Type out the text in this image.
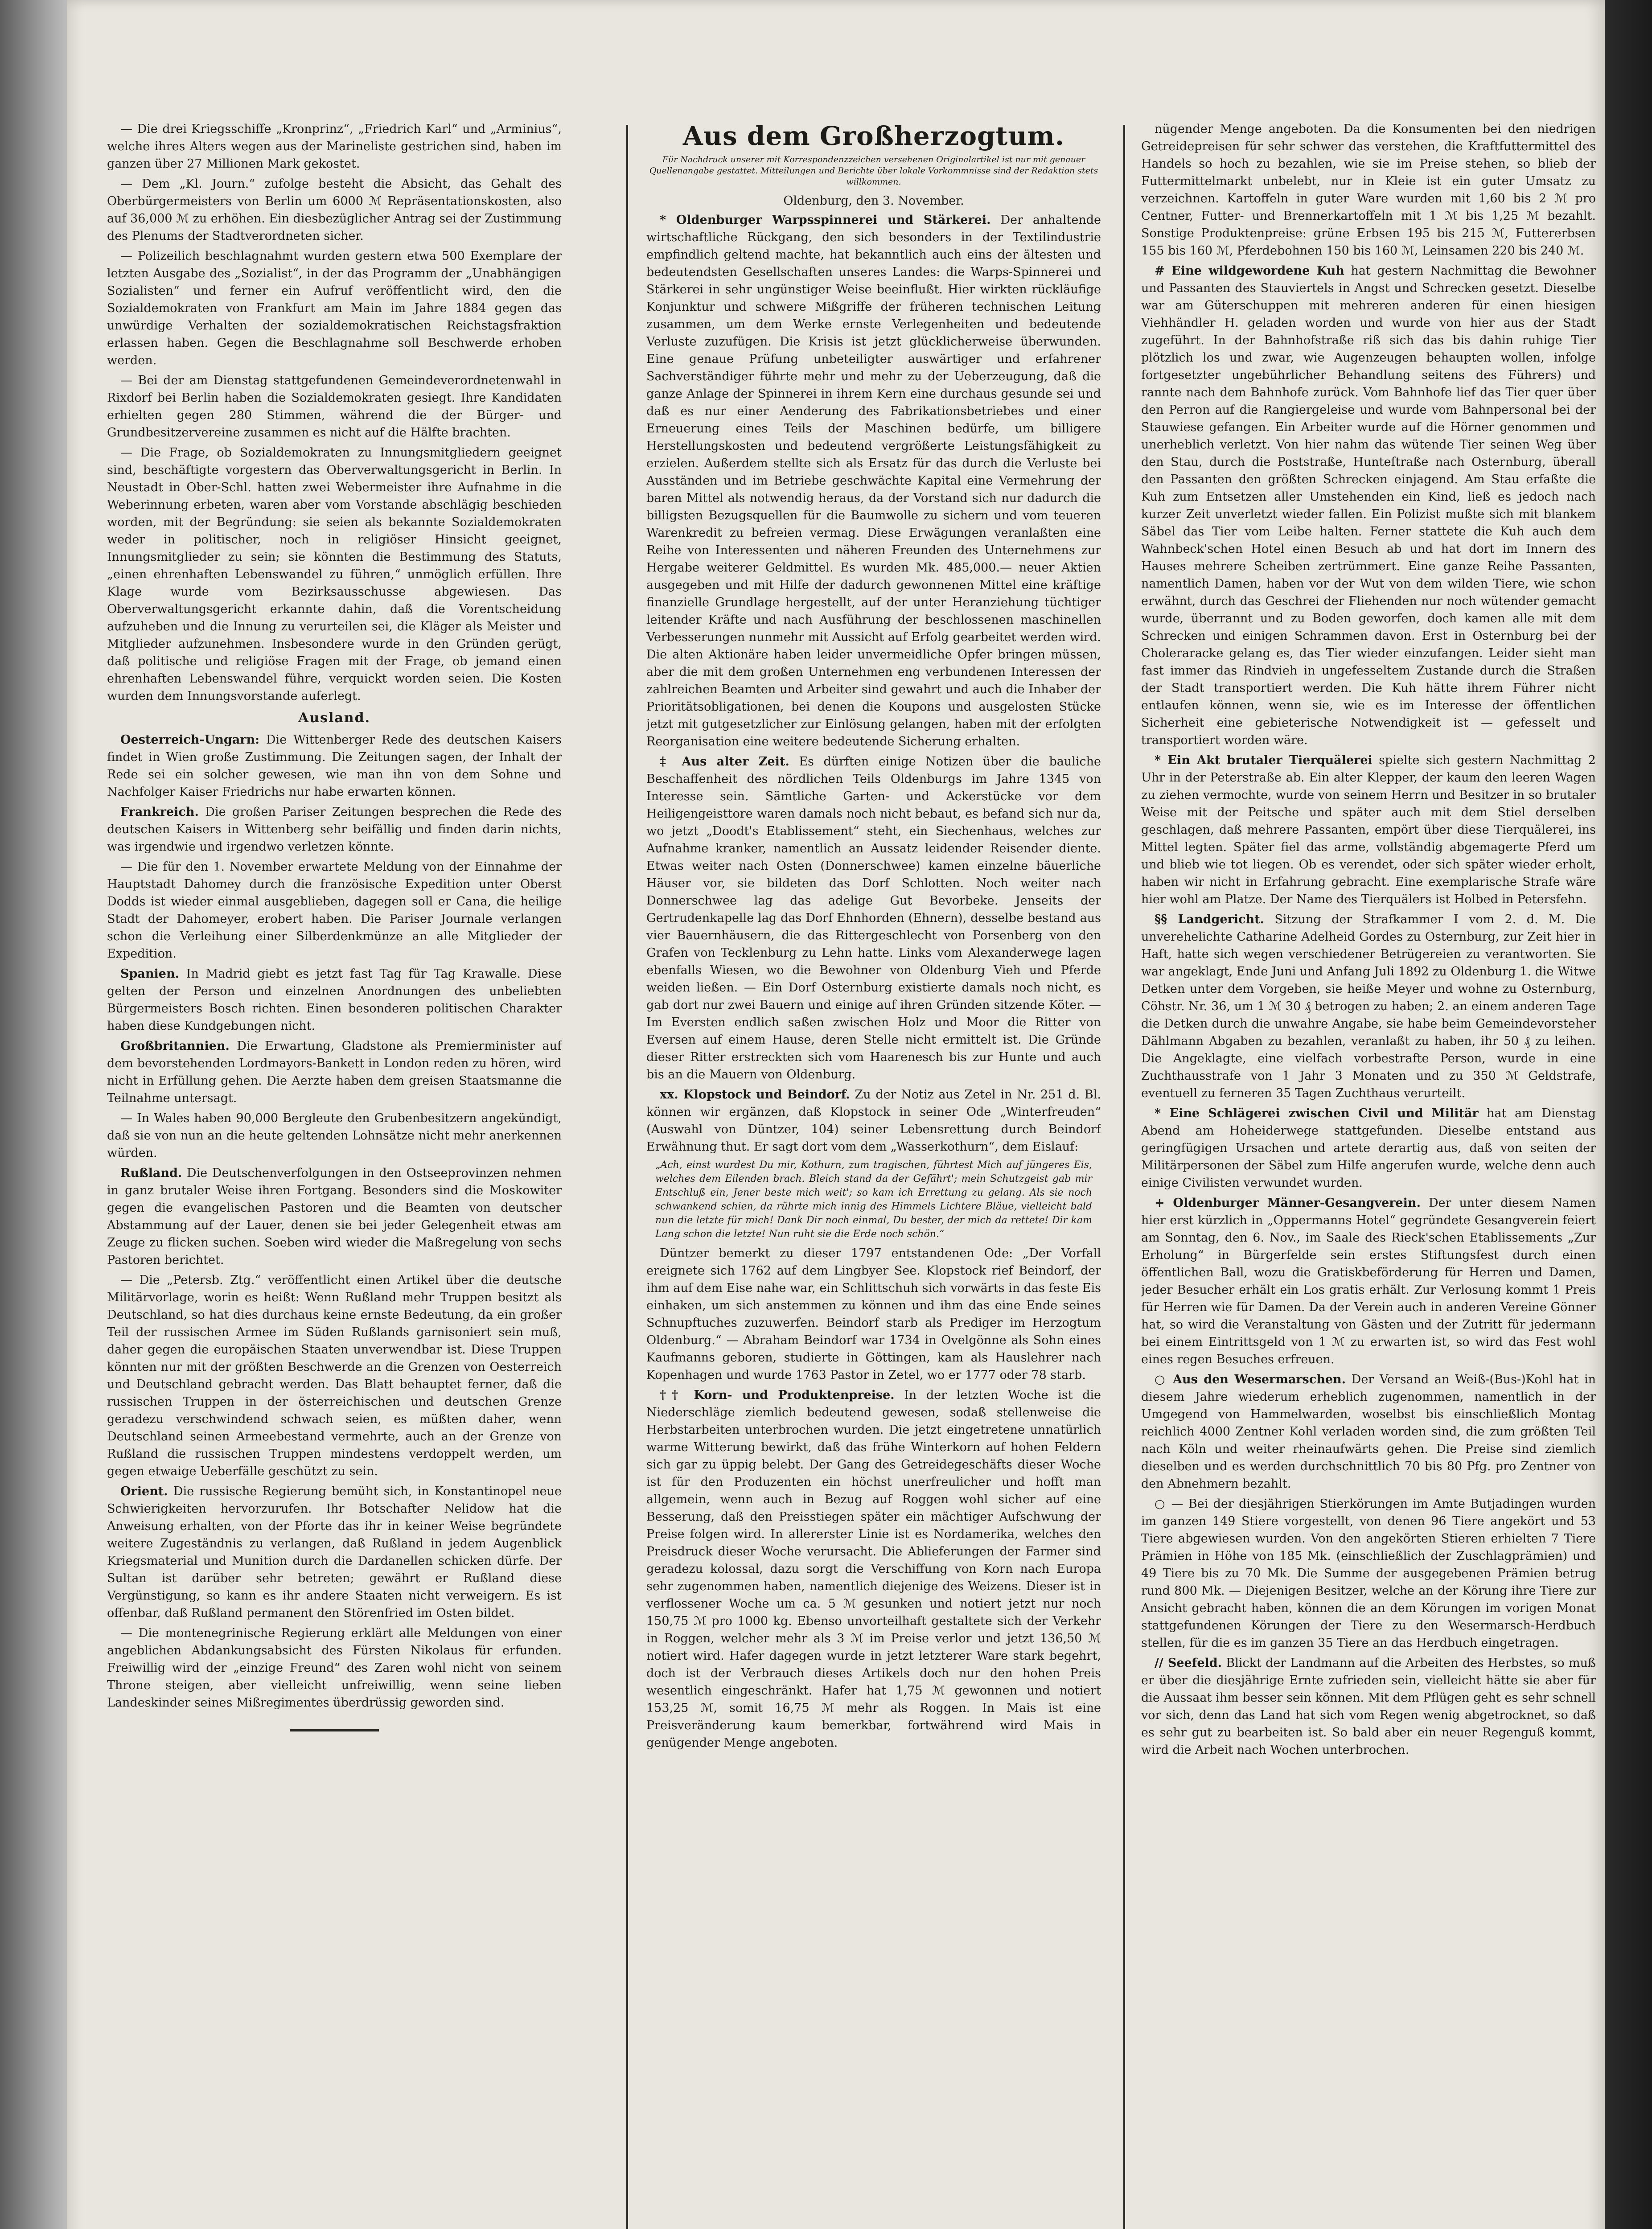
— Die drei Kriegsschiffe „Kronprinz“, „Friedrich Karl“ und „Arminius“, welche ihres Alters wegen aus der Marineliste gestrichen sind, haben im ganzen über 27 Millionen Mark gekostet.

— Dem „Kl. Journ.“ zufolge besteht die Absicht, das Gehalt des Oberbürgermeisters von Berlin um 6000 ℳ Repräsentationskosten, also auf 36,000 ℳ zu erhöhen. Ein diesbezüglicher Antrag sei der Zustimmung des Plenums der Stadtverordneten sicher.

— Polizeilich beschlagnahmt wurden gestern etwa 500 Exemplare der letzten Ausgabe des „Sozialist“, in der das Programm der „Unabhängigen Sozialisten“ und ferner ein Aufruf veröffentlicht wird, den die Sozialdemokraten von Frankfurt am Main im Jahre 1884 gegen das unwürdige Verhalten der sozialdemokratischen Reichstagsfraktion erlassen haben. Gegen die Beschlagnahme soll Beschwerde erhoben werden.

— Bei der am Dienstag stattgefundenen Gemeindeverordnetenwahl in Rixdorf bei Berlin haben die Sozialdemokraten gesiegt. Ihre Kandidaten erhielten gegen 280 Stimmen, während die der Bürger- und Grundbesitzervereine zusammen es nicht auf die Hälfte brachten.

— Die Frage, ob Sozialdemokraten zu Innungsmitgliedern geeignet sind, beschäftigte vorgestern das Oberverwaltungsgericht in Berlin. In Neustadt in Ober-Schl. hatten zwei Webermeister ihre Aufnahme in die Weberinnung erbeten, waren aber vom Vorstande abschlägig beschieden worden, mit der Begründung: sie seien als bekannte Sozialdemokraten weder in politischer, noch in religiöser Hinsicht geeignet, Innungsmitglieder zu sein; sie könnten die Bestimmung des Statuts, „einen ehrenhaften Lebenswandel zu führen,“ unmöglich erfüllen. Ihre Klage wurde vom Bezirksausschusse abgewiesen. Das Oberverwaltungsgericht erkannte dahin, daß die Vorentscheidung aufzuheben und die Innung zu verurteilen sei, die Kläger als Meister und Mitglieder aufzunehmen. Insbesondere wurde in den Gründen gerügt, daß politische und religiöse Fragen mit der Frage, ob jemand einen ehrenhaften Lebenswandel führe, verquickt worden seien. Die Kosten wurden dem Innungsvorstande auferlegt.

Ausland.

Oesterreich-Ungarn: Die Wittenberger Rede des deutschen Kaisers findet in Wien große Zustimmung. Die Zeitungen sagen, der Inhalt der Rede sei ein solcher gewesen, wie man ihn von dem Sohne und Nachfolger Kaiser Friedrichs nur habe erwarten können.

Frankreich. Die großen Pariser Zeitungen besprechen die Rede des deutschen Kaisers in Wittenberg sehr beifällig und finden darin nichts, was irgendwie und irgendwo verletzen könnte.

— Die für den 1. November erwartete Meldung von der Einnahme der Hauptstadt Dahomey durch die französische Expedition unter Oberst Dodds ist wieder einmal ausgeblieben, dagegen soll er Cana, die heilige Stadt der Dahomeyer, erobert haben. Die Pariser Journale verlangen schon die Verleihung einer Silberdenkmünze an alle Mitglieder der Expedition.

Spanien. In Madrid giebt es jetzt fast Tag für Tag Krawalle. Diese gelten der Person und einzelnen Anordnungen des unbeliebten Bürgermeisters Bosch richten. Einen besonderen politischen Charakter haben diese Kundgebungen nicht.

Großbritannien. Die Erwartung, Gladstone als Premierminister auf dem bevorstehenden Lordmayors-Bankett in London reden zu hören, wird nicht in Erfüllung gehen. Die Aerzte haben dem greisen Staatsmanne die Teilnahme untersagt.

— In Wales haben 90,000 Bergleute den Grubenbesitzern angekündigt, daß sie von nun an die heute geltenden Lohnsätze nicht mehr anerkennen würden.

Rußland. Die Deutschenverfolgungen in den Ostseeprovinzen nehmen in ganz brutaler Weise ihren Fortgang. Besonders sind die Moskowiter gegen die evangelischen Pastoren und die Beamten von deutscher Abstammung auf der Lauer, denen sie bei jeder Gelegenheit etwas am Zeuge zu flicken suchen. Soeben wird wieder die Maßregelung von sechs Pastoren berichtet.

— Die „Petersb. Ztg.“ veröffentlicht einen Artikel über die deutsche Militärvorlage, worin es heißt: Wenn Rußland mehr Truppen besitzt als Deutschland, so hat dies durchaus keine ernste Bedeutung, da ein großer Teil der russischen Armee im Süden Rußlands garnisoniert sein muß, daher gegen die europäischen Staaten unverwendbar ist. Diese Truppen könnten nur mit der größten Beschwerde an die Grenzen von Oesterreich und Deutschland gebracht werden. Das Blatt behauptet ferner, daß die russischen Truppen in der österreichischen und deutschen Grenze geradezu verschwindend schwach seien, es müßten daher, wenn Deutschland seinen Armeebestand vermehrte, auch an der Grenze von Rußland die russischen Truppen mindestens verdoppelt werden, um gegen etwaige Ueberfälle geschützt zu sein.

Orient. Die russische Regierung bemüht sich, in Konstantinopel neue Schwierigkeiten hervorzurufen. Ihr Botschafter Nelidow hat die Anweisung erhalten, von der Pforte das ihr in keiner Weise begründete weitere Zugeständnis zu verlangen, daß Rußland in jedem Augenblick Kriegsmaterial und Munition durch die Dardanellen schicken dürfe. Der Sultan ist darüber sehr betreten; gewährt er Rußland diese Vergünstigung, so kann es ihr andere Staaten nicht verweigern. Es ist offenbar, daß Rußland permanent den Störenfried im Osten bildet.

— Die montenegrinische Regierung erklärt alle Meldungen von einer angeblichen Abdankungsabsicht des Fürsten Nikolaus für erfunden. Freiwillig wird der „einzige Freund“ des Zaren wohl nicht von seinem Throne steigen, aber vielleicht unfreiwillig, wenn seine lieben Landeskinder seines Mißregimentes überdrüssig geworden sind.

Aus dem Großherzogtum.
Für Nachdruck unserer mit Korrespondenzzeichen versehenen Originalartikel ist nur mit genauer Quellenangabe gestattet. Mitteilungen und Berichte über lokale Vorkommnisse sind der Redaktion stets willkommen.
Oldenburg, den 3. November.

* Oldenburger Warpsspinnerei und Stärkerei. Der anhaltende wirtschaftliche Rückgang, den sich besonders in der Textilindustrie empfindlich geltend machte, hat bekanntlich auch eins der ältesten und bedeutendsten Gesellschaften unseres Landes: die Warps-Spinnerei und Stärkerei in sehr ungünstiger Weise beeinflußt. Hier wirkten rückläufige Konjunktur und schwere Mißgriffe der früheren technischen Leitung zusammen, um dem Werke ernste Verlegenheiten und bedeutende Verluste zuzufügen. Die Krisis ist jetzt glücklicherweise überwunden. Eine genaue Prüfung unbeteiligter auswärtiger und erfahrener Sachverständiger führte mehr und mehr zu der Ueberzeugung, daß die ganze Anlage der Spinnerei in ihrem Kern eine durchaus gesunde sei und daß es nur einer Aenderung des Fabrikationsbetriebes und einer Erneuerung eines Teils der Maschinen bedürfe, um billigere Herstellungskosten und bedeutend vergrößerte Leistungsfähigkeit zu erzielen. Außerdem stellte sich als Ersatz für das durch die Verluste bei Ausständen und im Betriebe geschwächte Kapital eine Vermehrung der baren Mittel als notwendig heraus, da der Vorstand sich nur dadurch die billigsten Bezugsquellen für die Baumwolle zu sichern und vom teueren Warenkredit zu befreien vermag. Diese Erwägungen veranlaßten eine Reihe von Interessenten und näheren Freunden des Unternehmens zur Hergabe weiterer Geldmittel. Es wurden Mk. 485,000.— neuer Aktien ausgegeben und mit Hilfe der dadurch gewonnenen Mittel eine kräftige finanzielle Grundlage hergestellt, auf der unter Heranziehung tüchtiger leitender Kräfte und nach Ausführung der beschlossenen maschinellen Verbesserungen nunmehr mit Aussicht auf Erfolg gearbeitet werden wird. Die alten Aktionäre haben leider unvermeidliche Opfer bringen müssen, aber die mit dem großen Unternehmen eng verbundenen Interessen der zahlreichen Beamten und Arbeiter sind gewahrt und auch die Inhaber der Prioritätsobligationen, bei denen die Koupons und ausgelosten Stücke jetzt mit gutgesetzlicher zur Einlösung gelangen, haben mit der erfolgten Reorganisation eine weitere bedeutende Sicherung erhalten.

‡ Aus alter Zeit. Es dürften einige Notizen über die bauliche Beschaffenheit des nördlichen Teils Oldenburgs im Jahre 1345 von Interesse sein. Sämtliche Garten- und Ackerstücke vor dem Heiligengeisttore waren damals noch nicht bebaut, es befand sich nur da, wo jetzt „Doodt's Etablissement“ steht, ein Siechenhaus, welches zur Aufnahme kranker, namentlich an Aussatz leidender Reisender diente. Etwas weiter nach Osten (Donnerschwee) kamen einzelne bäuerliche Häuser vor, sie bildeten das Dorf Schlotten. Noch weiter nach Donnerschwee lag das adelige Gut Bevorbeke. Jenseits der Gertrudenkapelle lag das Dorf Ehnhorden (Ehnern), desselbe bestand aus vier Bauernhäusern, die das Rittergeschlecht von Porsenberg von den Grafen von Tecklenburg zu Lehn hatte. Links vom Alexanderwege lagen ebenfalls Wiesen, wo die Bewohner von Oldenburg Vieh und Pferde weiden ließen. — Ein Dorf Osternburg existierte damals noch nicht, es gab dort nur zwei Bauern und einige auf ihren Gründen sitzende Köter. — Im Eversten endlich saßen zwischen Holz und Moor die Ritter von Eversen auf einem Hause, deren Stelle nicht ermittelt ist. Die Gründe dieser Ritter erstreckten sich vom Haarenesch bis zur Hunte und auch bis an die Mauern von Oldenburg.

xx. Klopstock und Beindorf. Zu der Notiz aus Zetel in Nr. 251 d. Bl. können wir ergänzen, daß Klopstock in seiner Ode „Winterfreuden“ (Auswahl von Düntzer, 104) seiner Lebensrettung durch Beindorf Erwähnung thut. Er sagt dort vom dem „Wasserkothurn“, dem Eislauf:

„Ach, einst wurdest Du mir, Kothurn, zum tragischen, führtest Mich auf jüngeres Eis, welches dem Eilenden brach. Bleich stand da der Gefährt'; mein Schutzgeist gab mir Entschluß ein, Jener beste mich weit'; so kam ich Errettung zu gelang. Als sie noch schwankend schien, da rührte mich innig des Himmels Lichtere Bläue, vielleicht bald nun die letzte für mich! Dank Dir noch einmal, Du bester, der mich da rettete! Dir kam Lang schon die letzte! Nun ruht sie die Erde noch schön.“

Düntzer bemerkt zu dieser 1797 entstandenen Ode: „Der Vorfall ereignete sich 1762 auf dem Lingbyer See. Klopstock rief Beindorf, der ihm auf dem Eise nahe war, ein Schlittschuh sich vorwärts in das feste Eis einhaken, um sich anstemmen zu können und ihm das eine Ende seines Schnupftuches zuzuwerfen. Beindorf starb als Prediger im Herzogtum Oldenburg.“ — Abraham Beindorf war 1734 in Ovelgönne als Sohn eines Kaufmanns geboren, studierte in Göttingen, kam als Hauslehrer nach Kopenhagen und wurde 1763 Pastor in Zetel, wo er 1777 oder 78 starb.

†† Korn- und Produktenpreise. In der letzten Woche ist die Niederschläge ziemlich bedeutend gewesen, sodaß stellenweise die Herbstarbeiten unterbrochen wurden. Die jetzt eingetretene unnatürlich warme Witterung bewirkt, daß das frühe Winterkorn auf hohen Feldern sich gar zu üppig belebt. Der Gang des Getreidegeschäfts dieser Woche ist für den Produzenten ein höchst unerfreulicher und hofft man allgemein, wenn auch in Bezug auf Roggen wohl sicher auf eine Besserung, daß den Preisstiegen später ein mächtiger Aufschwung der Preise folgen wird. In allererster Linie ist es Nordamerika, welches den Preisdruck dieser Woche verursacht. Die Ablieferungen der Farmer sind geradezu kolossal, dazu sorgt die Verschiffung von Korn nach Europa sehr zugenommen haben, namentlich diejenige des Weizens. Dieser ist in verflossener Woche um ca. 5 ℳ gesunken und notiert jetzt nur noch 150,75 ℳ pro 1000 kg. Ebenso unvorteilhaft gestaltete sich der Verkehr in Roggen, welcher mehr als 3 ℳ im Preise verlor und jetzt 136,50 ℳ notiert wird. Hafer dagegen wurde in jetzt letzterer Ware stark begehrt, doch ist der Verbrauch dieses Artikels doch nur den hohen Preis wesentlich eingeschränkt. Hafer hat 1,75 ℳ gewonnen und notiert 153,25 ℳ, somit 16,75 ℳ mehr als Roggen. In Mais ist eine Preisveränderung kaum bemerkbar, fortwährend wird Mais in genügender Menge angeboten.

nügender Menge angeboten. Da die Konsumenten bei den niedrigen Getreidepreisen für sehr schwer das verstehen, die Kraftfuttermittel des Handels so hoch zu bezahlen, wie sie im Preise stehen, so blieb der Futtermittelmarkt unbelebt, nur in Kleie ist ein guter Umsatz zu verzeichnen. Kartoffeln in guter Ware wurden mit 1,60 bis 2 ℳ pro Centner, Futter- und Brennerkartoffeln mit 1 ℳ bis 1,25 ℳ bezahlt. Sonstige Produktenpreise: grüne Erbsen 195 bis 215 ℳ, Futtererbsen 155 bis 160 ℳ, Pferdebohnen 150 bis 160 ℳ, Leinsamen 220 bis 240 ℳ.

# Eine wildgewordene Kuh hat gestern Nachmittag die Bewohner und Passanten des Stauviertels in Angst und Schrecken gesetzt. Dieselbe war am Güterschuppen mit mehreren anderen für einen hiesigen Viehhändler H. geladen worden und wurde von hier aus der Stadt zugeführt. In der Bahnhofstraße riß sich das bis dahin ruhige Tier plötzlich los und zwar, wie Augenzeugen behaupten wollen, infolge fortgesetzter ungebührlicher Behandlung seitens des Führers) und rannte nach dem Bahnhofe zurück. Vom Bahnhofe lief das Tier quer über den Perron auf die Rangiergeleise und wurde vom Bahnpersonal bei der Stauwiese gefangen. Ein Arbeiter wurde auf die Hörner genommen und unerheblich verletzt. Von hier nahm das wütende Tier seinen Weg über den Stau, durch die Poststraße, Hunteſtraße nach Osternburg, überall den Passanten den größten Schrecken einjagend. Am Stau erfaßte die Kuh zum Entsetzen aller Umstehenden ein Kind, ließ es jedoch nach kurzer Zeit unverletzt wieder fallen. Ein Polizist mußte sich mit blankem Säbel das Tier vom Leibe halten. Ferner stattete die Kuh auch dem Wahnbeck'schen Hotel einen Besuch ab und hat dort im Innern des Hauses mehrere Scheiben zertrümmert. Eine ganze Reihe Passanten, namentlich Damen, haben vor der Wut von dem wilden Tiere, wie schon erwähnt, durch das Geschrei der Fliehenden nur noch wütender gemacht wurde, überrannt und zu Boden geworfen, doch kamen alle mit dem Schrecken und einigen Schrammen davon. Erst in Osternburg bei der Choleraracke gelang es, das Tier wieder einzufangen. Leider sieht man fast immer das Rindvieh in ungefesseltem Zustande durch die Straßen der Stadt transportiert werden. Die Kuh hätte ihrem Führer nicht entlaufen können, wenn sie, wie es im Interesse der öffentlichen Sicherheit eine gebieterische Notwendigkeit ist — gefesselt und transportiert worden wäre.

* Ein Akt brutaler Tierquälerei spielte sich gestern Nachmittag 2 Uhr in der Peterstraße ab. Ein alter Klepper, der kaum den leeren Wagen zu ziehen vermochte, wurde von seinem Herrn und Besitzer in so brutaler Weise mit der Peitsche und später auch mit dem Stiel derselben geschlagen, daß mehrere Passanten, empört über diese Tierquälerei, ins Mittel legten. Später fiel das arme, vollständig abgemagerte Pferd um und blieb wie tot liegen. Ob es verendet, oder sich später wieder erholt, haben wir nicht in Erfahrung gebracht. Eine exemplarische Strafe wäre hier wohl am Platze. Der Name des Tierquälers ist Holbed in Petersfehn.

§§ Landgericht. Sitzung der Strafkammer I vom 2. d. M. Die unverehelichte Catharine Adelheid Gordes zu Osternburg, zur Zeit hier in Haft, hatte sich wegen verschiedener Betrügereien zu verantworten. Sie war angeklagt, Ende Juni und Anfang Juli 1892 zu Oldenburg 1. die Witwe Detken unter dem Vorgeben, sie heiße Meyer und wohne zu Osternburg, Cöhstr. Nr. 36, um 1 ℳ 30 ₰ betrogen zu haben; 2. an einem anderen Tage die Detken durch die unwahre Angabe, sie habe beim Gemeindevorsteher Dählmann Abgaben zu bezahlen, veranlaßt zu haben, ihr 50 ₰ zu leihen. Die Angeklagte, eine vielfach vorbestrafte Person, wurde in eine Zuchthausstrafe von 1 Jahr 3 Monaten und zu 350 ℳ Geldstrafe, eventuell zu ferneren 35 Tagen Zuchthaus verurteilt.

* Eine Schlägerei zwischen Civil und Militär hat am Dienstag Abend am Hoheiderwege stattgefunden. Dieselbe entstand aus geringfügigen Ursachen und artete derartig aus, daß von seiten der Militärpersonen der Säbel zum Hilfe angerufen wurde, welche denn auch einige Civilisten verwundet wurden.

+ Oldenburger Männer-Gesangverein. Der unter diesem Namen hier erst kürzlich in „Oppermanns Hotel“ gegründete Gesangverein feiert am Sonntag, den 6. Nov., im Saale des Rieck'schen Etablissements „Zur Erholung“ in Bürgerfelde sein erstes Stiftungsfest durch einen öffentlichen Ball, wozu die Gratiskbeförderung für Herren und Damen, jeder Besucher erhält ein Los gratis erhält. Zur Verlosung kommt 1 Preis für Herren wie für Damen. Da der Verein auch in anderen Vereine Gönner hat, so wird die Veranstaltung von Gästen und der Zutritt für jedermann bei einem Eintrittsgeld von 1 ℳ zu erwarten ist, so wird das Fest wohl eines regen Besuches erfreuen.

○ Aus den Wesermarschen. Der Versand an Weiß-(Bus-)Kohl hat in diesem Jahre wiederum erheblich zugenommen, namentlich in der Umgegend von Hammelwarden, woselbst bis einschließlich Montag reichlich 4000 Zentner Kohl verladen worden sind, die zum größten Teil nach Köln und weiter rheinaufwärts gehen. Die Preise sind ziemlich dieselben und es werden durchschnittlich 70 bis 80 Pfg. pro Zentner von den Abnehmern bezahlt.

○ — Bei der diesjährigen Stierkörungen im Amte Butjadingen wurden im ganzen 149 Stiere vorgestellt, von denen 96 Tiere angekört und 53 Tiere abgewiesen wurden. Von den angekörten Stieren erhielten 7 Tiere Prämien in Höhe von 185 Mk. (einschließlich der Zuschlagprämien) und 49 Tiere bis zu 70 Mk. Die Summe der ausgegebenen Prämien betrug rund 800 Mk. — Diejenigen Besitzer, welche an der Körung ihre Tiere zur Ansicht gebracht haben, können die an dem Körungen im vorigen Monat stattgefundenen Körungen der Tiere zu den Wesermarsch-Herdbuch stellen, für die es im ganzen 35 Tiere an das Herdbuch eingetragen.

// Seefeld. Blickt der Landmann auf die Arbeiten des Herbstes, so muß er über die diesjährige Ernte zufrieden sein, vielleicht hätte sie aber für die Aussaat ihm besser sein können. Mit dem Pflügen geht es sehr schnell vor sich, denn das Land hat sich vom Regen wenig abgetrocknet, so daß es sehr gut zu bearbeiten ist. So bald aber ein neuer Regenguß kommt, wird die Arbeit nach Wochen unterbrochen.
